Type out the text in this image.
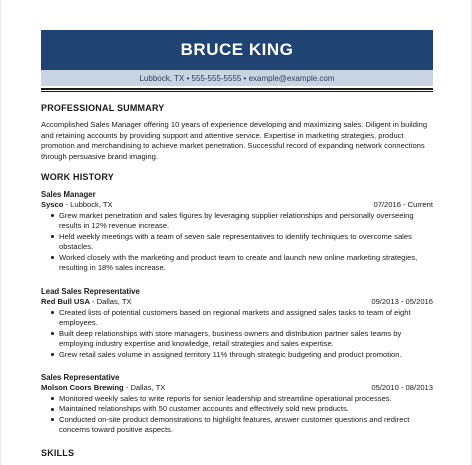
BRUCE KING
Lubbock, TX • 555-555-5555 • example@example.com
PROFESSIONAL SUMMARY
Accomplished Sales Manager offering 10 years of experience developing and maximizing sales. Diligent in building and retaining accounts by providing support and attentive service. Expertise in marketing strategies, product promotion and merchandising to achieve market penetration. Successful record of expanding network connections through persuasive brand imaging.
WORK HISTORY
Sales Manager
Sysco - Lubbock, TX	07/2016 - Current
Grew market penetration and sales figures by leveraging supplier relationships and personally overseeing results in 12% revenue increase.
Held weekly meetings with a team of seven sale representatives to identify techniques to overcome sales obstacles.
Worked closely with the marketing and product team to create and launch new online marketing strategies, resulting in 18% sales increase.
Lead Sales Representative
Red Bull USA - Dallas, TX	09/2013 - 05/2016
Created lists of potential customers based on regional markets and assigned sales tasks to team of eight employees.
Built deep relationships with store managers, business owners and distribution partner sales teams by employing industry expertise and knowledge, retail strategies and sales expertise.
Grew retail sales volume in assigned territory 11% through strategic budgeting and product promotion.
Sales Representative
Molson Coors Brewing - Dallas, TX	05/2010 - 08/2013
Monitored weekly sales to write reports for senior leadership and streamline operational processes.
Maintained relationships with 50 customer accounts and effectively sold new products.
Conducted on-site product demonstrations to highlight features, answer customer questions and redirect concerns toward positive aspects.
SKILLS
